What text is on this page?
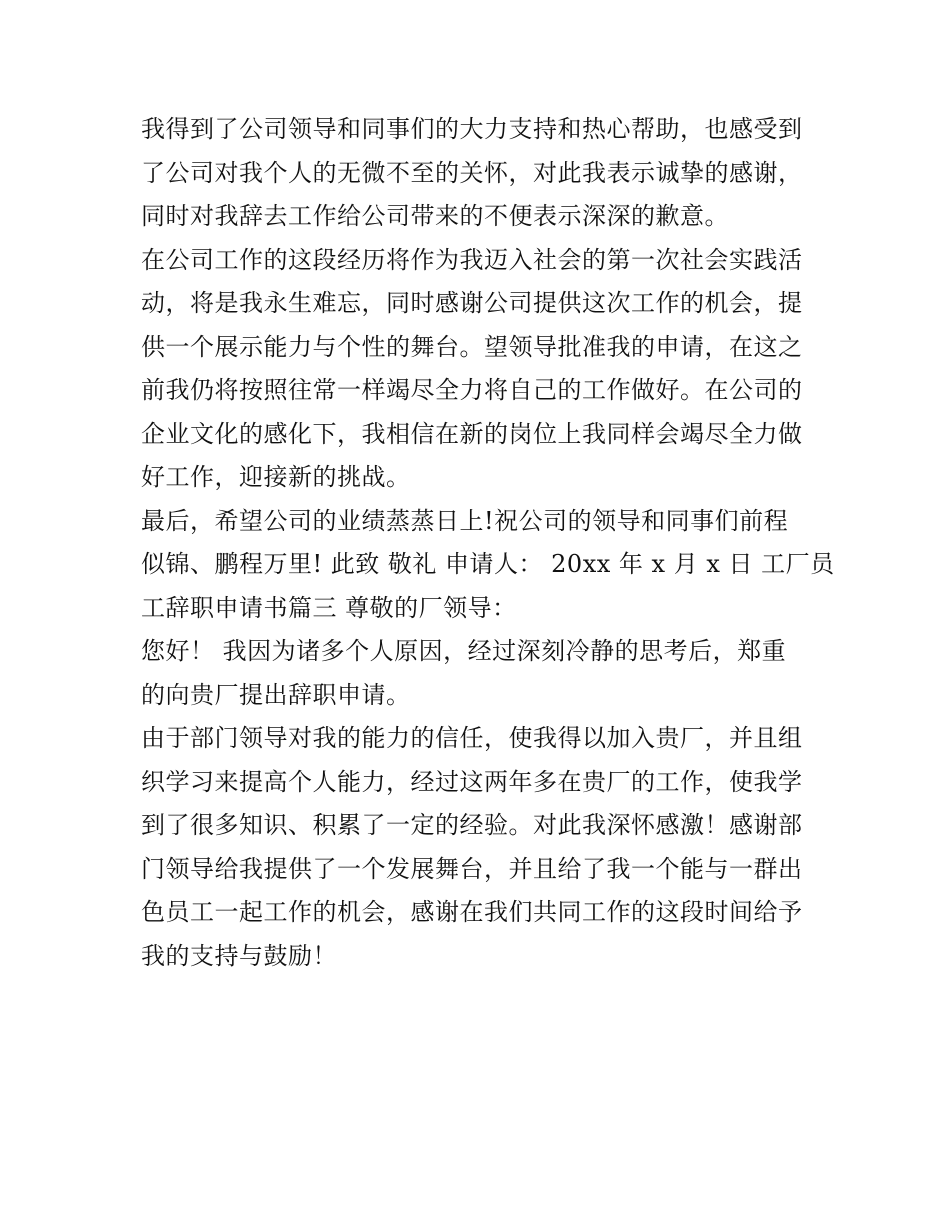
我得到了公司领导和同事们的大力支持和热心帮助，也感受到
了公司对我个人的无微不至的关怀，对此我表示诚挚的感谢，
同时对我辞去工作给公司带来的不便表示深深的歉意。
在公司工作的这段经历将作为我迈入社会的第一次社会实践活
动，将是我永生难忘，同时感谢公司提供这次工作的机会，提
供一个展示能力与个性的舞台。望领导批准我的申请，在这之
前我仍将按照往常一样竭尽全力将自己的工作做好。在公司的
企业文化的感化下，我相信在新的岗位上我同样会竭尽全力做
好工作，迎接新的挑战。
最后，希望公司的业绩蒸蒸日上!祝公司的领导和同事们前程
似锦、鹏程万里! 此致 敬礼 申请人： 20xx 年 x 月 x 日 工厂员
工辞职申请书篇三 尊敬的厂领导：
您好！ 我因为诸多个人原因，经过深刻冷静的思考后，郑重
的向贵厂提出辞职申请。
由于部门领导对我的能力的信任，使我得以加入贵厂，并且组
织学习来提高个人能力，经过这两年多在贵厂的工作，使我学
到了很多知识、积累了一定的经验。对此我深怀感激！感谢部
门领导给我提供了一个发展舞台，并且给了我一个能与一群出
色员工一起工作的机会，感谢在我们共同工作的这段时间给予
我的支持与鼓励！
